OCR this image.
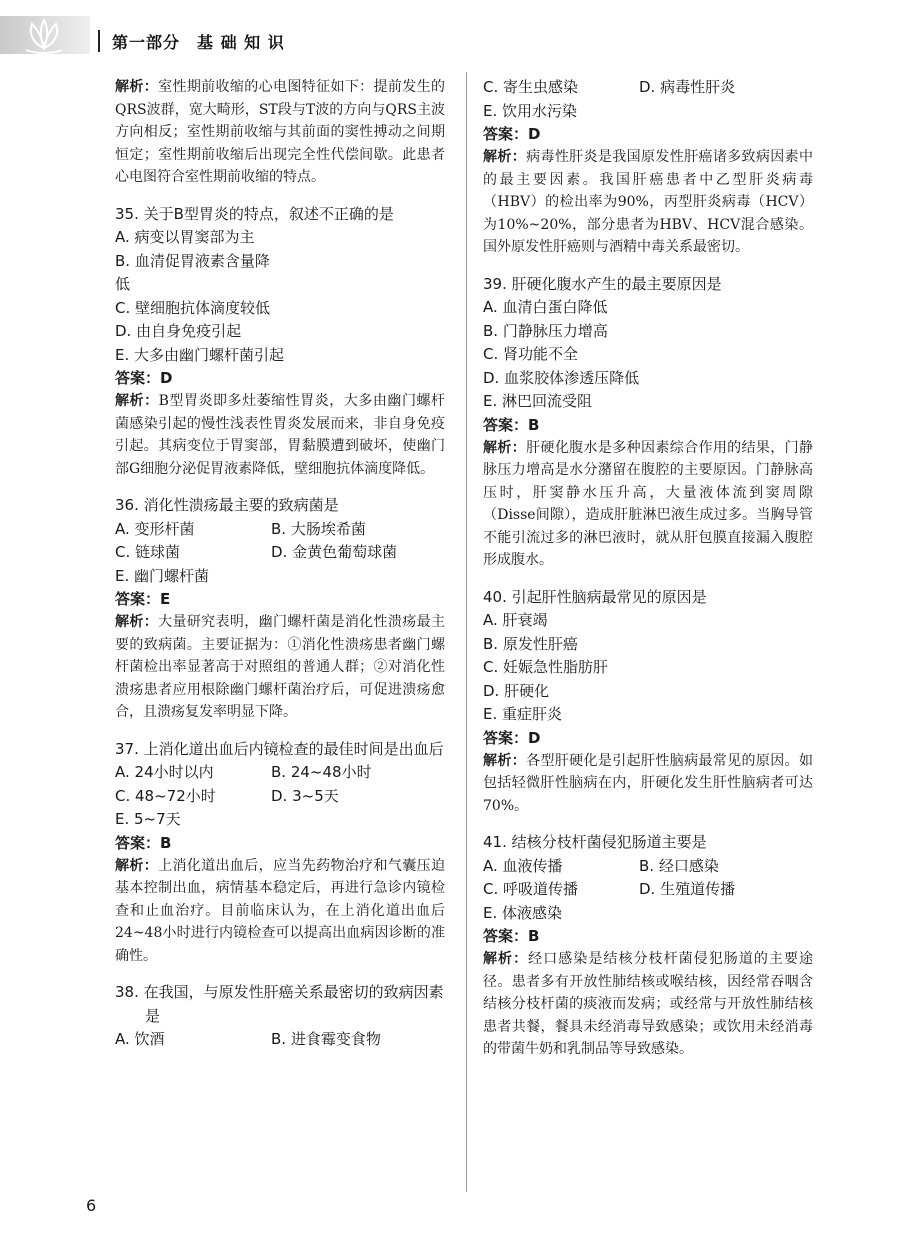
第一部分　基 础 知 识
解析：室性期前收缩的心电图特征如下：提前发生的QRS波群，宽大畸形，ST段与T波的方向与QRS主波方向相反；室性期前收缩与其前面的窦性搏动之间期恒定；室性期前收缩后出现完全性代偿间歇。此患者心电图符合室性期前收缩的特点。
35. 关于B型胃炎的特点，叙述不正确的是
A. 病变以胃窦部为主
B. 血清促胃液素含量降低
C. 壁细胞抗体滴度较低
D. 由自身免疫引起
E. 大多由幽门螺杆菌引起
答案：D
解析：B型胃炎即多灶萎缩性胃炎，大多由幽门螺杆菌感染引起的慢性浅表性胃炎发展而来，非自身免疫引起。其病变位于胃窦部，胃黏膜遭到破坏，使幽门部G细胞分泌促胃液素降低，壁细胞抗体滴度降低。
36. 消化性溃疡最主要的致病菌是
A. 变形杆菌	B. 大肠埃希菌
C. 链球菌	D. 金黄色葡萄球菌
E. 幽门螺杆菌
答案：E
解析：大量研究表明，幽门螺杆菌是消化性溃疡最主要的致病菌。主要证据为：①消化性溃疡患者幽门螺杆菌检出率显著高于对照组的普通人群；②对消化性溃疡患者应用根除幽门螺杆菌治疗后，可促进溃疡愈合，且溃疡复发率明显下降。
37. 上消化道出血后内镜检查的最佳时间是出血后
A. 24小时以内	B. 24~48小时
C. 48~72小时	D. 3~5天
E. 5~7天
答案：B
解析：上消化道出血后，应当先药物治疗和气囊压迫基本控制出血，病情基本稳定后，再进行急诊内镜检查和止血治疗。目前临床认为，在上消化道出血后24~48小时进行内镜检查可以提高出血病因诊断的准确性。
38. 在我国，与原发性肝癌关系最密切的致病因素是
A. 饮酒	B. 进食霉变食物
C. 寄生虫感染	D. 病毒性肝炎
E. 饮用水污染
答案：D
解析：病毒性肝炎是我国原发性肝癌诸多致病因素中的最主要因素。我国肝癌患者中乙型肝炎病毒（HBV）的检出率为90%，丙型肝炎病毒（HCV）为10%~20%，部分患者为HBV、HCV混合感染。国外原发性肝癌则与酒精中毒关系最密切。
39. 肝硬化腹水产生的最主要原因是
A. 血清白蛋白降低
B. 门静脉压力增高
C. 肾功能不全
D. 血浆胶体渗透压降低
E. 淋巴回流受阻
答案：B
解析：肝硬化腹水是多种因素综合作用的结果，门静脉压力增高是水分潴留在腹腔的主要原因。门静脉高压时，肝窦静水压升高，大量液体流到窦周隙（Disse间隙），造成肝脏淋巴液生成过多。当胸导管不能引流过多的淋巴液时，就从肝包膜直接漏入腹腔形成腹水。
40. 引起肝性脑病最常见的原因是
A. 肝衰竭
B. 原发性肝癌
C. 妊娠急性脂肪肝
D. 肝硬化
E. 重症肝炎
答案：D
解析：各型肝硬化是引起肝性脑病最常见的原因。如包括轻微肝性脑病在内，肝硬化发生肝性脑病者可达70%。
41. 结核分枝杆菌侵犯肠道主要是
A. 血液传播	B. 经口感染
C. 呼吸道传播	D. 生殖道传播
E. 体液感染
答案：B
解析：经口感染是结核分枝杆菌侵犯肠道的主要途径。患者多有开放性肺结核或喉结核，因经常吞咽含结核分枝杆菌的痰液而发病；或经常与开放性肺结核患者共餐，餐具未经消毒导致感染；或饮用未经消毒的带菌牛奶和乳制品等导致感染。
6
